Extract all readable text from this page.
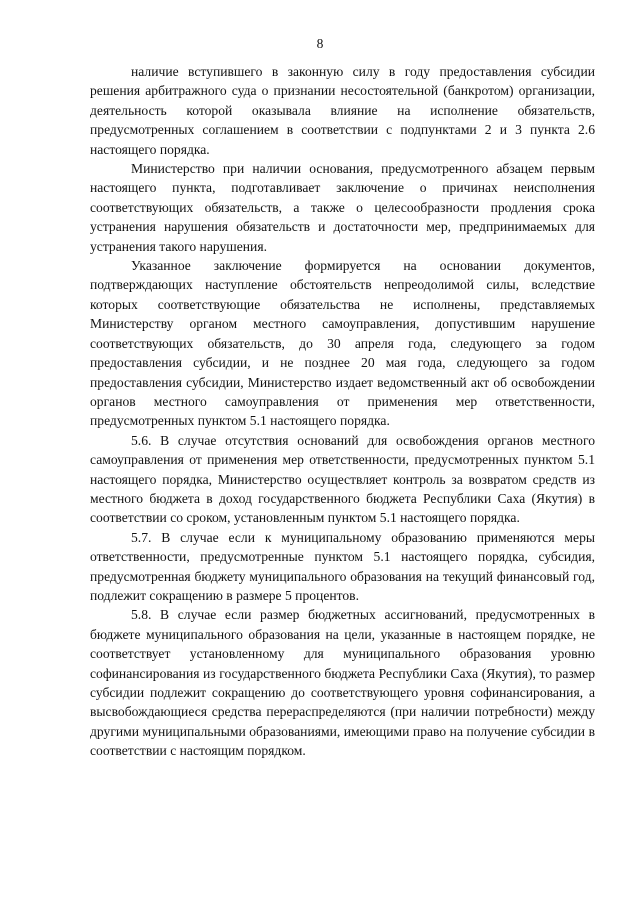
8

наличие вступившего в законную силу в году предоставления субсидии решения арбитражного суда о признании несостоятельной (банкротом) организации, деятельность которой оказывала влияние на исполнение обязательств, предусмотренных соглашением в соответствии с подпунктами 2 и 3 пункта 2.6 настоящего порядка.

Министерство при наличии основания, предусмотренного абзацем первым настоящего пункта, подготавливает заключение о причинах неисполнения соответствующих обязательств, а также о целесообразности продления срока устранения нарушения обязательств и достаточности мер, предпринимаемых для устранения такого нарушения.

Указанное заключение формируется на основании документов, подтверждающих наступление обстоятельств непреодолимой силы, вследствие которых соответствующие обязательства не исполнены, представляемых Министерству органом местного самоуправления, допустившим нарушение соответствующих обязательств, до 30 апреля года, следующего за годом предоставления субсидии, и не позднее 20 мая года, следующего за годом предоставления субсидии, Министерство издает ведомственный акт об освобождении органов местного самоуправления от применения мер ответственности, предусмотренных пунктом 5.1 настоящего порядка.

5.6. В случае отсутствия оснований для освобождения органов местного самоуправления от применения мер ответственности, предусмотренных пунктом 5.1 настоящего порядка, Министерство осуществляет контроль за возвратом средств из местного бюджета в доход государственного бюджета Республики Саха (Якутия) в соответствии со сроком, установленным пунктом 5.1 настоящего порядка.

5.7. В случае если к муниципальному образованию применяются меры ответственности, предусмотренные пунктом 5.1 настоящего порядка, субсидия, предусмотренная бюджету муниципального образования на текущий финансовый год, подлежит сокращению в размере 5 процентов.

5.8. В случае если размер бюджетных ассигнований, предусмотренных в бюджете муниципального образования на цели, указанные в настоящем порядке, не соответствует установленному для муниципального образования уровню софинансирования из государственного бюджета Республики Саха (Якутия), то размер субсидии подлежит сокращению до соответствующего уровня софинансирования, а высвобождающиеся средства перераспределяются (при наличии потребности) между другими муниципальными образованиями, имеющими право на получение субсидии в соответствии с настоящим порядком.
